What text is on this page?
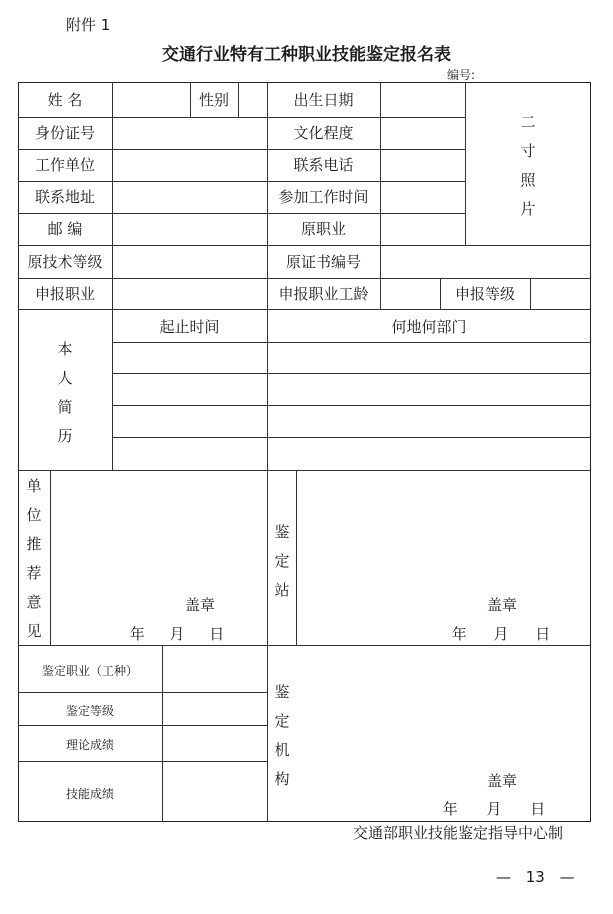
附件 1
交通行业特有工种职业技能鉴定报名表
编号:
姓 名	性别	出生日期
身份证号	文化程度
工作单位	联系电话
联系地址	参加工作时间
邮 编	原职业
原技术等级	原证书编号
申报职业	申报职业工龄	申报等级
二寸照片
本人简历
起止时间	何地何部门
单位推荐意见
盖章
年 月 日
鉴定站
盖章
年 月 日
鉴定职业（工种）
鉴定等级
理论成绩
技能成绩
鉴定机构	盖章
年 月 日
交通部职业技能鉴定指导中心制
— 13 —
